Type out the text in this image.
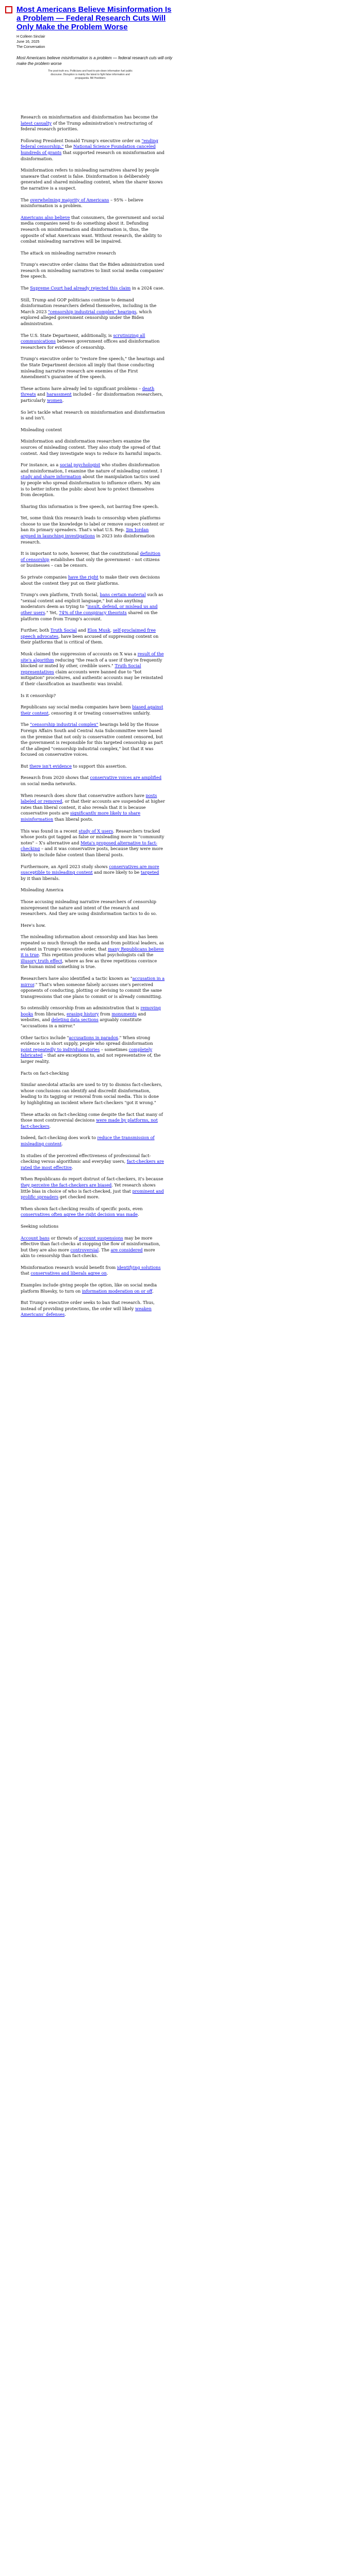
Most Americans Believe Misinformation Is a Problem — Federal Research Cuts Will Only Make the Problem Worse
H Colleen Sinclair
June 16, 2025
The Conversation
Most Americans believe misinformation is a problem — federal research cuts will only make the problem worse
The post-truth era. Politicians and hard-to-pin-down information fuel public discourse. Disruption is mainly the latest to fight false information and propaganda. Bill Hoebbers

Research on misinformation and disinformation has become the latest casualty of the Trump administration's restructuring of federal research priorities.

Following President Donald Trump's executive order on "ending federal censorship," the National Science Foundation canceled hundreds of grants that supported research on misinformation and disinformation.

Misinformation refers to misleading narratives shared by people unaware that content is false. Disinformation is deliberately generated and shared misleading content, when the sharer knows the narrative is a suspect.

The overwhelming majority of Americans – 95% – believe misinformation is a problem.

Americans also believe that consumers, the government and social media companies need to do something about it. Defunding research on misinformation and disinformation is, thus, the opposite of what Americans want. Without research, the ability to combat misleading narratives will be impaired.

The attack on misleading narrative research

Trump's executive order claims that the Biden administration used research on misleading narratives to limit social media companies' free speech.

The Supreme Court had already rejected this claim in a 2024 case.

Still, Trump and GOP politicians continue to demand disinformation researchers defend themselves, including in the March 2023 "censorship industrial complex" hearings, which explored alleged government censorship under the Biden administration.

The U.S. State Department, additionally, is scrutinizing all communications between government offices and disinformation researchers for evidence of censorship.

Trump's executive order to "restore free speech," the hearings and the State Department decision all imply that those conducting misleading narrative research are enemies of the First Amendment's guarantee of free speech.

These actions have already led to significant problems – death threats and harassment included – for disinformation researchers, particularly women.

So let's tackle what research on misinformation and disinformation is and isn't.

Misleading content

Misinformation and disinformation researchers examine the sources of misleading content. They also study the spread of that content. And they investigate ways to reduce its harmful impacts.

For instance, as a social psychologist who studies disinformation and misinformation, I examine the nature of misleading content. I study and share information about the manipulation tactics used by people who spread disinformation to influence others. My aim is to better inform the public about how to protect themselves from deception.

Sharing this information is free speech, not barring free speech.

Yet, some think this research leads to censorship when platforms choose to use the knowledge to label or remove suspect content or ban its primary spreaders. That's what U.S. Rep. Jim Jordan argued in launching investigations in 2023 into disinformation research.

It is important to note, however, that the constitutional definition of censorship establishes that only the government – not citizens or businesses – can be censors.

So private companies have the right to make their own decisions about the content they put on their platforms.

Trump's own platform, Truth Social, bans certain material such as "sexual content and explicit language," but also anything moderators deem as trying to "insult, defend, or mislead us and other users." Yet, 74% of the conspiracy theorists shared on the platform come from Trump's account.

Further, both Truth Social and Elon Musk, self-proclaimed free speech advocates, have been accused of suppressing content on their platforms that is critical of them.

Musk claimed the suppression of accounts on X was a result of the site's algorithm reducing "the reach of a user if they're frequently blocked or muted by other, credible users." Truth Social representatives claim accounts were banned due to "bot mitigation" procedures, and authentic accounts may be reinstated if their classification as inauthentic was invalid.

Is it censorship?

Republicans say social media companies have been biased against their content, censoring it or treating conservatives unfairly.

The "censorship industrial complex" hearings held by the House Foreign Affairs South and Central Asia Subcommittee were based on the premise that not only is conservative content censored, but the government is responsible for this targeted censorship as part of the alleged "censorship industrial complex," but that it was focused on conservative voices.

But there isn't evidence to support this assertion.

Research from 2020 shows that conservative voices are amplified on social media networks.

When research does show that conservative authors have posts labeled or removed, or that their accounts are suspended at higher rates than liberal content, it also reveals that it is because conservative posts are significantly more likely to share misinformation than liberal posts.

This was found in a recent study of X users. Researchers tracked whose posts got tagged as false or misleading more in "community notes" – X's alternative and Meta's proposed alternative to fact-checking – and it was conservative posts, because they were more likely to include false content than liberal posts.

Furthermore, an April 2023 study shows conservatives are more susceptible to misleading content and more likely to be targeted by it than liberals.

Misleading America

Those accusing misleading narrative researchers of censorship misrepresent the nature and intent of the research and researchers. And they are using disinformation tactics to do so.

Here's how.

The misleading information about censorship and bias has been repeated so much through the media and from political leaders, as evident in Trump's executive order, that many Republicans believe it is true. This repetition produces what psychologists call the illusory truth effect, where as few as three repetitions convince the human mind something is true.

Researchers have also identified a tactic known as "accusation in a mirror." That's when someone falsely accuses one's perceived opponents of conducting, plotting or devising to commit the same transgressions that one plans to commit or is already committing.

So ostensibly censorship from an administration that is removing books from libraries, erasing history from monuments and websites, and deleting data sections arguably constitute "accusations in a mirror."

Other tactics include "accusations in paradox." When strong evidence is in short supply, people who spread disinformation point repeatedly to individual stories – sometimes completely fabricated – that are exceptions to, and not representative of, the larger reality.

Facts on fact-checking

Similar anecdotal attacks are used to try to dismiss fact-checkers, whose conclusions can identify and discredit disinformation, leading to its tagging or removal from social media. This is done by highlighting an incident where fact-checkers "got it wrong."

These attacks on fact-checking come despite the fact that many of those most controversial decisions were made by platforms, not fact-checkers.

Indeed, fact-checking does work to reduce the transmission of misleading content.

In studies of the perceived effectiveness of professional fact-checking versus algorithmic and everyday users, fact-checkers are rated the most effective.

When Republicans do report distrust of fact-checkers, it's because they perceive the fact-checkers are biased. Yet research shows little bias in choice of who is fact-checked, just that prominent and prolific spreaders get checked more.

When shown fact-checking results of specific posts, even conservatives often agree the right decision was made.

Seeking solutions

Account bans or threats of account suspensions may be more effective than fact-checks at stopping the flow of misinformation, but they are also more controversial. The are considered more akin to censorship than fact-checks.

Misinformation research would benefit from identifying solutions that conservatives and liberals agree on.

Examples include giving people the option, like on social media platform Bluesky, to turn on information moderation on or off.

But Trump's executive order seeks to ban that research. Thus, instead of providing protections, the order will likely weaken Americans' defenses.
